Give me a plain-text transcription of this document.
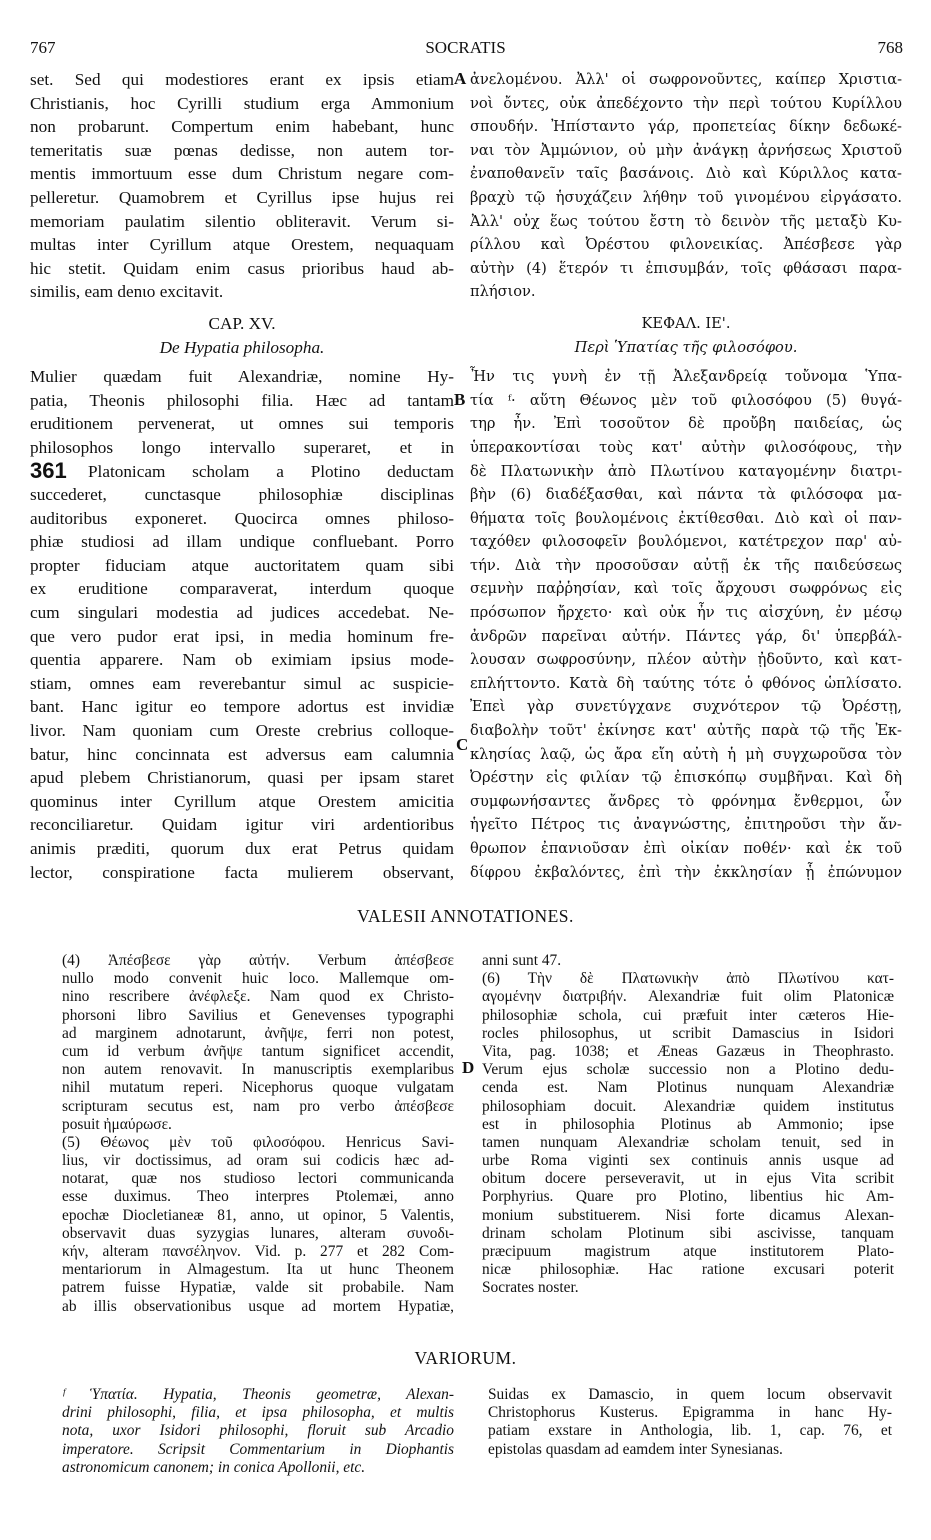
767	SOCRATIS	768
A
B
C
D
set. Sed qui modestiores erant ex ipsis etiam
Christianis, hoc Cyrilli studium erga Ammonium
non probarunt. Compertum enim habebant, hunc
temeritatis suæ pœnas dedisse, non autem tor-
mentis immortuum esse dum Christum negare com-
pelleretur. Quamobrem et Cyrillus ipse hujus rei
memoriam paulatim silentio obliteravit. Verum si-
multas inter Cyrillum atque Orestem, nequaquam
hic stetit. Quidam enim casus prioribus haud ab-
similis, eam denιο excitavit.
CAP. XV.
De Hypatia philosopha.
Mulier quædam fuit Alexandriæ, nomine Hy-
patia, Theonis philosophi filia. Hæc ad tantam
eruditionem pervenerat, ut omnes sui temporis
philosophos longo intervallo superaret, et in
Platonicam scholam a Plotino deductam
succederet, cunctasque philosophiæ disciplinas
auditoribus exponeret. Quocirca omnes philoso-
phiæ studiosi ad illam undique confluebant. Porro
propter fiduciam atque auctoritatem quam sibi
ex eruditione comparaverat, interdum quoque
cum singulari modestia ad judices accedebat. Ne-
que vero pudor erat ipsi, in media hominum fre-
quentia apparere. Nam ob eximiam ipsius mode-
stiam, omnes eam reverebantur simul ac suspicie-
bant. Hanc igitur eo tempore adortus est invidiæ
livor. Nam quoniam cum Oreste crebrius colloque-
batur, hinc concinnata est adversus eam calumnia
apud plebem Christianorum, quasi per ipsam staret
quominus inter Cyrillum atque Orestem amicitia
reconciliaretur. Quidam igitur viri ardentioribus
animis præditi, quorum dux erat Petrus quidam
lector, conspiratione facta mulierem observant,
361
ἀνελομένου. Ἀλλ' οἱ σωφρονοῦντες, καίπερ Χριστια-
νοὶ ὄντες, οὐκ ἀπεδέχοντο τὴν περὶ τούτου Κυρίλλου
σπουδήν. Ἠπίσταντο γάρ, προπετείας δίκην δεδωκέ-
ναι τὸν Ἀμμώνιον, οὐ μὴν ἀνάγκῃ ἀρνήσεως Χριστοῦ
ἐναποθανεῖν ταῖς βασάνοις. Διὸ καὶ Κύριλλος κατα-
βραχὺ τῷ ἡσυχάζειν λήθην τοῦ γινομένου εἰργάσατο.
Ἀλλ' οὐχ ἕως τούτου ἔστη τὸ δεινὸν τῆς μεταξὺ Κυ-
ρίλλου καὶ Ὀρέστου φιλονεικίας. Ἀπέσβεσε γὰρ
αὐτὴν (4) ἕτερόν τι ἐπισυμβάν, τοῖς φθάσασι παρα-
πλήσιον.
ΚΕΦΑΛ. ΙΕ'.
Περὶ Ὑπατίας τῆς φιλοσόφου.
Ἦν τις γυνὴ ἐν τῇ Ἀλεξανδρείᾳ τοὔνομα Ὑπα-
τία ᶠ· αὕτη Θέωνος μὲν τοῦ φιλοσόφου (5) θυγά-
τηρ ἦν. Ἐπὶ τοσοῦτον δὲ προὔβη παιδείας, ὡς
ὑπερακοντίσαι τοὺς κατ' αὐτὴν φιλοσόφους, τὴν
δὲ Πλατωνικὴν ἀπὸ Πλωτίνου καταγομένην διατρι-
βὴν (6) διαδέξασθαι, καὶ πάντα τὰ φιλόσοφα μα-
θήματα τοῖς βουλομένοις ἐκτίθεσθαι. Διὸ καὶ οἱ παν-
ταχόθεν φιλοσοφεῖν βουλόμενοι, κατέτρεχον παρ' αὐ-
τήν. Διὰ τὴν προσοῦσαν αὐτῇ ἐκ τῆς παιδεύσεως
σεμνὴν παῤῥησίαν, καὶ τοῖς ἄρχουσι σωφρόνως εἰς
πρόσωπον ἤρχετο· καὶ οὐκ ἦν τις αἰσχύνη, ἐν μέσῳ
ἀνδρῶν παρεῖναι αὐτήν. Πάντες γάρ, δι' ὑπερβάλ-
λουσαν σωφροσύνην, πλέον αὐτὴν ᾐδοῦντο, καὶ κατ-
επλήττοντο. Κατὰ δὴ ταύτης τότε ὁ φθόνος ὡπλίσατο.
Ἐπεὶ γὰρ συνετύγχανε συχνότερον τῷ Ὀρέστῃ,
διαβολὴν τοῦτ' ἐκίνησε κατ' αὐτῆς παρὰ τῷ τῆς Ἐκ-
κλησίας λαῷ, ὡς ἄρα εἴη αὐτὴ ἡ μὴ συγχωροῦσα τὸν
Ὀρέστην εἰς φιλίαν τῷ ἐπισκόπῳ συμβῆναι. Καὶ δὴ
συμφωνήσαντες ἄνδρες τὸ φρόνημα ἔνθερμοι, ὧν
ἡγεῖτο Πέτρος τις ἀναγνώστης, ἐπιτηροῦσι τὴν ἄν-
θρωπον ἐπανιοῦσαν ἐπὶ οἰκίαν ποθέν· καὶ ἐκ τοῦ
δίφρου ἐκβαλόντες, ἐπὶ τὴν ἐκκλησίαν ᾗ ἐπώνυμον
VALESII ANNOTATIONES.
(4) Ἀπέσβεσε γὰρ αὐτήν. Verbum ἀπέσβεσε
nullo modo convenit huic loco. Mallemque om-
nino rescribere ἀνέφλεξε. Nam quod ex Christo-
phorsoni libro Savilius et Genevenses typographi
ad marginem adnotarunt, ἀνῆψε, ferri non potest,
cum id verbum ἀνῆψε tantum significet accendit,
non autem renovavit. In manuscriptis exemplaribus
nihil mutatum reperi. Nicephorus quoque vulgatam
scripturam secutus est, nam pro verbo ἀπέσβεσε
posuit ἠμαύρωσε.
(5) Θέωνος μὲν τοῦ φιλοσόφου. Henricus Savi-
lius, vir doctissimus, ad oram sui codicis hæc ad-
notarat, quæ nos studioso lectori communicanda
esse duximus. Theo interpres Ptolemæi, anno
epochæ Diocletianeæ 81, anno, ut opinor, 5 Valentis,
observavit duas syzygias lunares, alteram συνοδι-
κήν, alteram πανσέληνον. Vid. p. 277 et 282 Com-
mentariorum in Almagestum. Ita ut hunc Theonem
patrem fuisse Hypatiæ, valde sit probabile. Nam
ab illis observationibus usque ad mortem Hypatiæ,
anni sunt 47.
(6) Τὴν δὲ Πλατωνικὴν ἀπὸ Πλωτίνου κατ-
αγομένην διατριβήν. Alexandriæ fuit olim Platonicæ
philosophiæ schola, cui præfuit inter cæteros Hie-
rocles philosophus, ut scribit Damascius in Isidori
Vita, pag. 1038; et Æneas Gazæus in Theophrasto.
Verum ejus scholæ successio non a Plotino dedu-
cenda est. Nam Plotinus nunquam Alexandriæ
philosophiam docuit. Alexandriæ quidem institutus
est in philosophia Plotinus ab Ammonio; ipse
tamen nunquam Alexandriæ scholam tenuit, sed in
urbe Roma viginti sex continuis annis usque ad
obitum docere perseveravit, ut in ejus Vita scribit
Porphyrius. Quare pro Plotino, libentius hic Am-
monium substituerem. Nisi forte dicamus Alexan-
drinam scholam Plotinum sibi ascivisse, tanquam
præcipuum magistrum atque institutorem Plato-
nicæ philosophiæ. Hac ratione excusari poterit
Socrates noster.
VARIORUM.
ᶠ Ὑπατία. Hypatia, Theonis geometræ, Alexan-
drini philosophi, filia, et ipsa philosopha, et multis
nota, uxor Isidori philosophi, floruit sub Arcadio
imperatore. Scripsit Commentarium in Diophantis
astronomicum canonem; in conica Apollonii, etc.
Suidas ex Damascio, in quem locum observavit
Christophorus Kusterus. Epigramma in hanc Hy-
patiam exstare in Anthologia, lib. 1, cap. 76, et
epistolas quasdam ad eamdem inter Synesianas.
